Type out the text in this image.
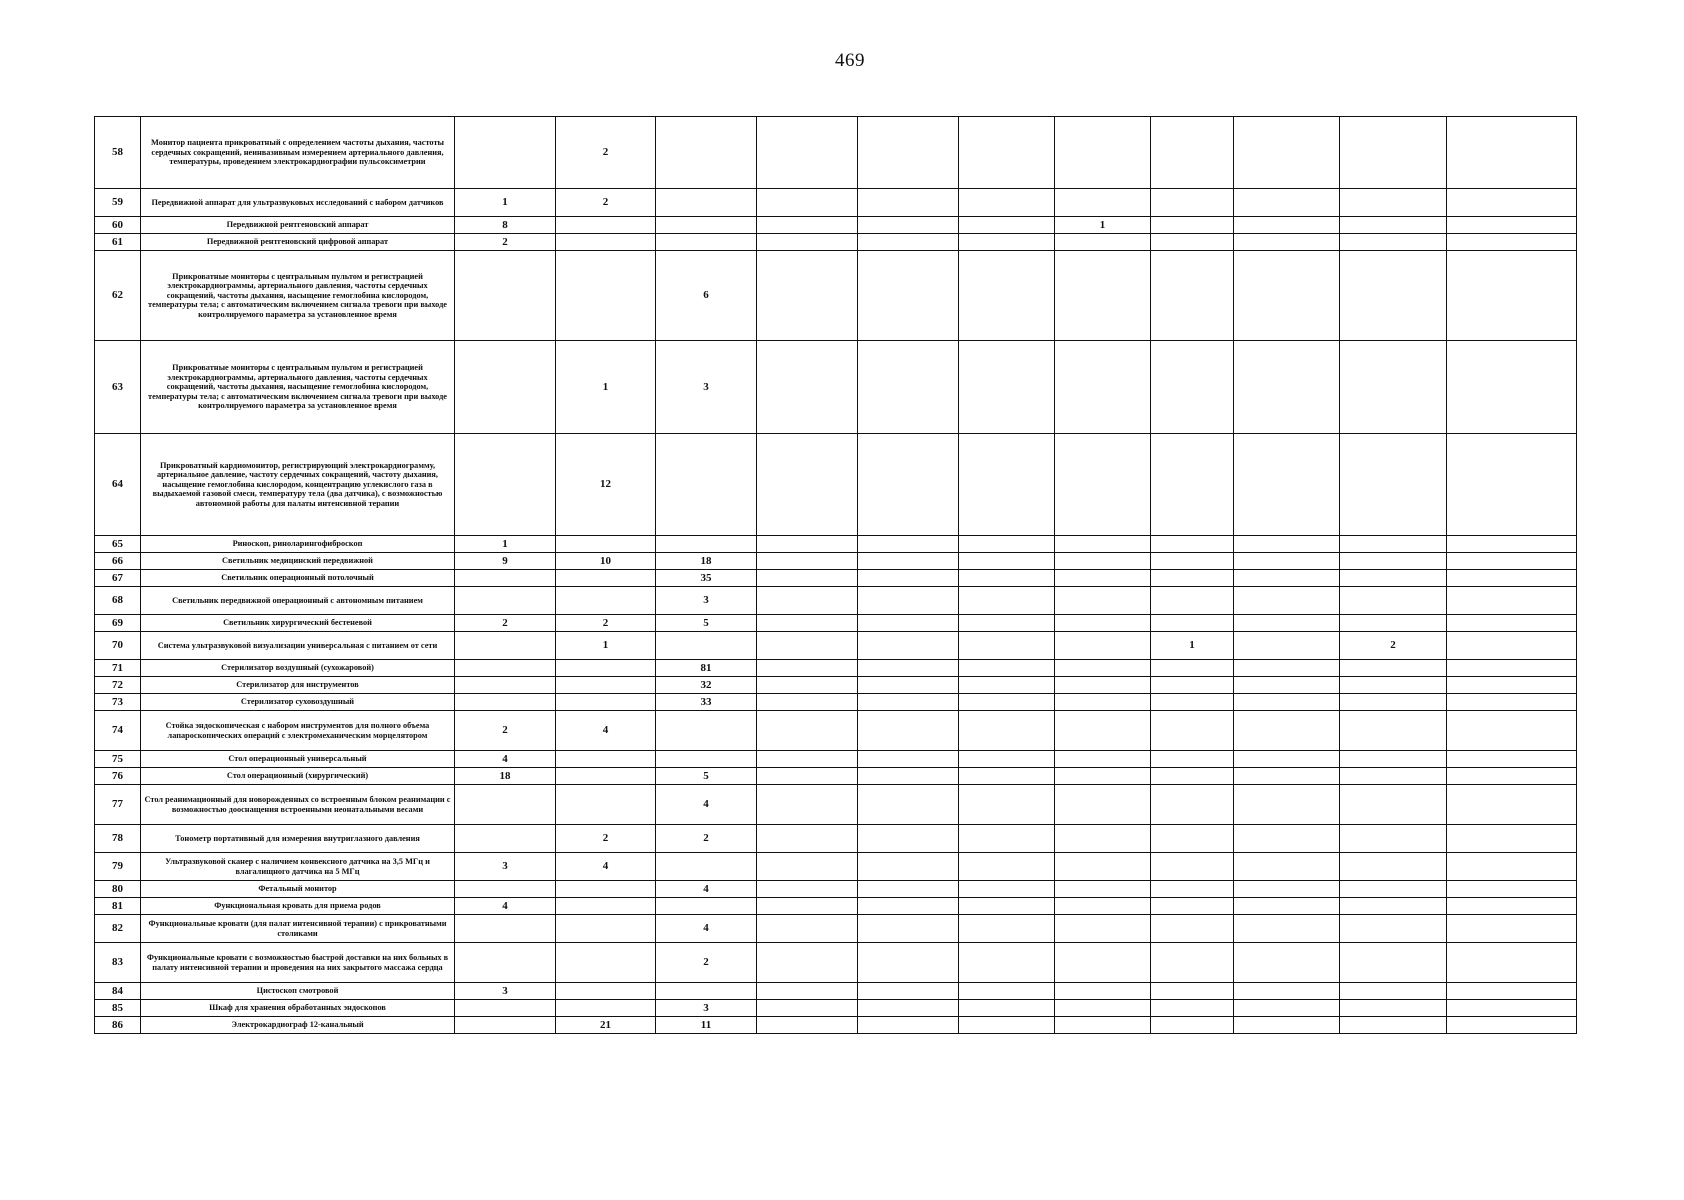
469
58	Монитор пациента прикроватный с определением частоты дыхания, частоты сердечных сокращений, неинвазивным измерением артериального давления, температуры, проведением электрокардиографии пульсоксиметрии		2										
59	Передвижной аппарат для ультразвуковых исследований с набором датчиков	1	2										
60	Передвижной рентгеновский аппарат	8						1					
61	Передвижной рентгеновский цифровой аппарат	2											
62	Прикроватные мониторы с центральным пультом и регистрацией электрокардиограммы, артериального давления, частоты сердечных сокращений, частоты дыхания, насыщение гемоглобина кислородом, температуры тела; с автоматическим включением сигнала тревоги при выходе контролируемого параметра за установленное время			6									
63	Прикроватные мониторы с центральным пультом и регистрацией электрокардиограммы, артериального давления, частоты сердечных сокращений, частоты дыхания, насыщение гемоглобина кислородом, температуры тела; с автоматическим включением сигнала тревоги при выходе контролируемого параметра за установленное время		1	3									
64	Прикроватный кардиомонитор, регистрирующий электрокардиограмму, артериальное давление, частоту сердечных сокращений, частоту дыхания, насыщение гемоглобина кислородом, концентрацию углекислого газа в выдыхаемой газовой смеси, температуру тела (два датчика), с возможностью автономной работы для палаты интенсивной терапии		12										
65	Риноскоп, риноларингофиброскоп	1											
66	Светильник медицинский передвижной	9	10	18									
67	Светильник операционный потолочный			35									
68	Светильник передвижной операционный с автономным питанием			3									
69	Светильник хирургический бестеневой	2	2	5									
70	Система ультразвуковой визуализации универсальная с питанием от сети		1						1		2		
71	Стерилизатор воздушный (сухожаровой)			81									
72	Стерилизатор для инструментов			32									
73	Стерилизатор суховоздушный			33									
74	Стойка эндоскопическая с набором инструментов для полного объема лапароскопических операций с электромеханическим морцелятором	2	4										
75	Стол операционный универсальный	4											
76	Стол операционный (хирургический)	18		5									
77	Стол реанимационный для новорожденных со встроенным блоком реанимации с возможностью дооснащения встроенными неонатальными весами			4									
78	Тонометр портативный для измерения внутриглазного давления		2	2									
79	Ультразвуковой сканер с наличием конвексного датчика на 3,5 МГц и влагалищного датчика на 5 МГц	3	4										
80	Фетальный монитор			4									
81	Функциональная кровать для приема родов	4											
82	Функциональные кровати (для палат интенсивной терапии) с прикроватными столиками			4									
83	Функциональные кровати с возможностью быстрой доставки на них больных в палату интенсивной терапии и проведения на них закрытого массажа сердца			2									
84	Цистоскоп смотровой	3											
85	Шкаф для хранения обработанных эндоскопов			3									
86	Электрокардиограф 12-канальный		21	11									
